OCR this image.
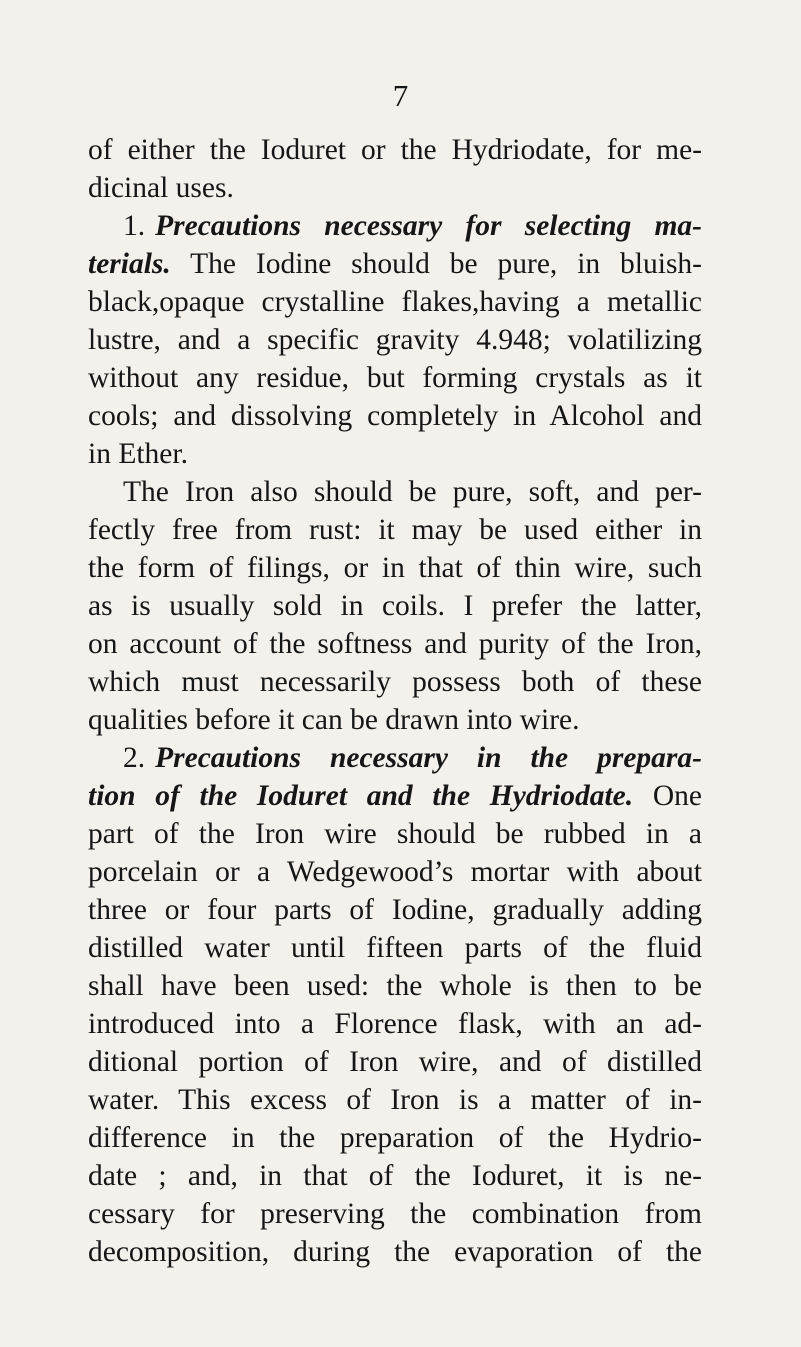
7
of either the Ioduret or the Hydriodate, for me-
dicinal uses.
1. Precautions necessary for selecting ma-
terials. The Iodine should be pure, in bluish-
black,opaque crystalline flakes,having a metallic
lustre, and a specific gravity 4.948; volatilizing
without any residue, but forming crystals as it
cools; and dissolving completely in Alcohol and
in Ether.
The Iron also should be pure, soft, and per-
fectly free from rust: it may be used either in
the form of filings, or in that of thin wire, such
as is usually sold in coils. I prefer the latter,
on account of the softness and purity of the Iron,
which must necessarily possess both of these
qualities before it can be drawn into wire.
2. Precautions necessary in the prepara-
tion of the Ioduret and the Hydriodate. One
part of the Iron wire should be rubbed in a
porcelain or a Wedgewood’s mortar with about
three or four parts of Iodine, gradually adding
distilled water until fifteen parts of the fluid
shall have been used: the whole is then to be
introduced into a Florence flask, with an ad-
ditional portion of Iron wire, and of distilled
water. This excess of Iron is a matter of in-
difference in the preparation of the Hydrio-
date ; and, in that of the Ioduret, it is ne-
cessary for preserving the combination from
decomposition, during the evaporation of the
